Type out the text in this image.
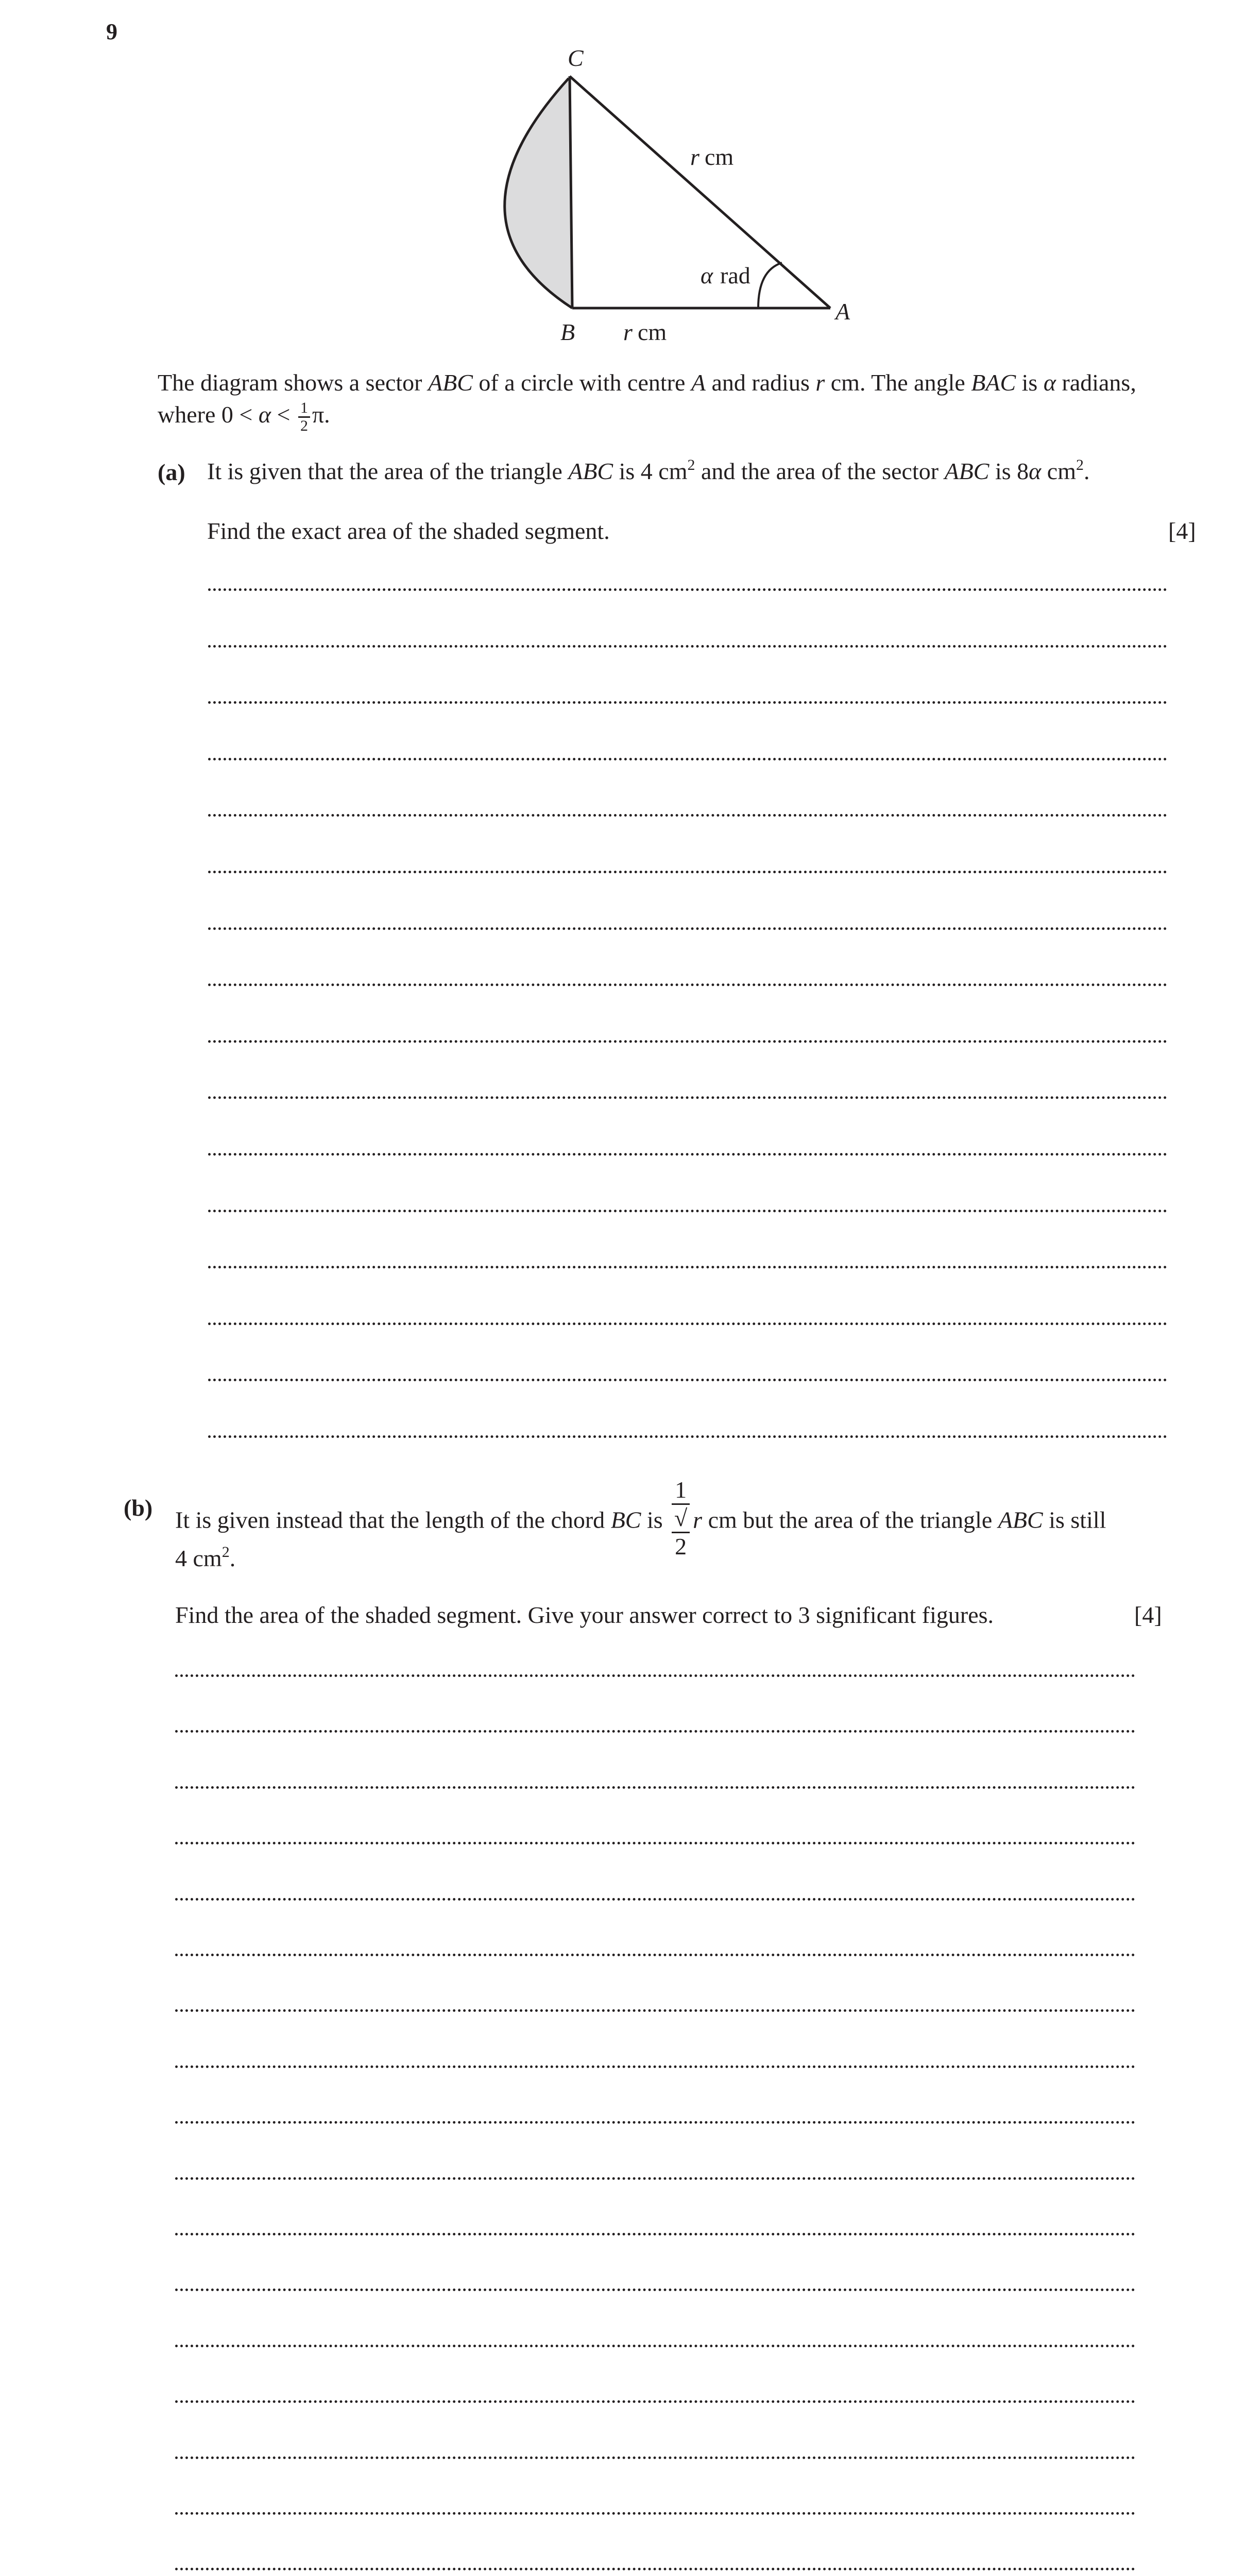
9
C
B
A
r cm
r cm
α rad
The diagram shows a sector ABC of a circle with centre A and radius r cm. The angle BAC is α radians,
where $0 < \alpha < \frac{1}{2} \pi$.
(a) It is given that the area of the triangle ABC is 4 $cm^2$ and the area of the sector ABC is 8α $cm^2$.
Find the exact area of the shaded segment.	[4]
(b) It is given instead that the length of the chord BC is 1
√
2 r cm but the area of the triangle ABC is still
4 $cm^2$.
Find the area of the shaded segment. Give your answer correct to 3 significant figures.	[4]
